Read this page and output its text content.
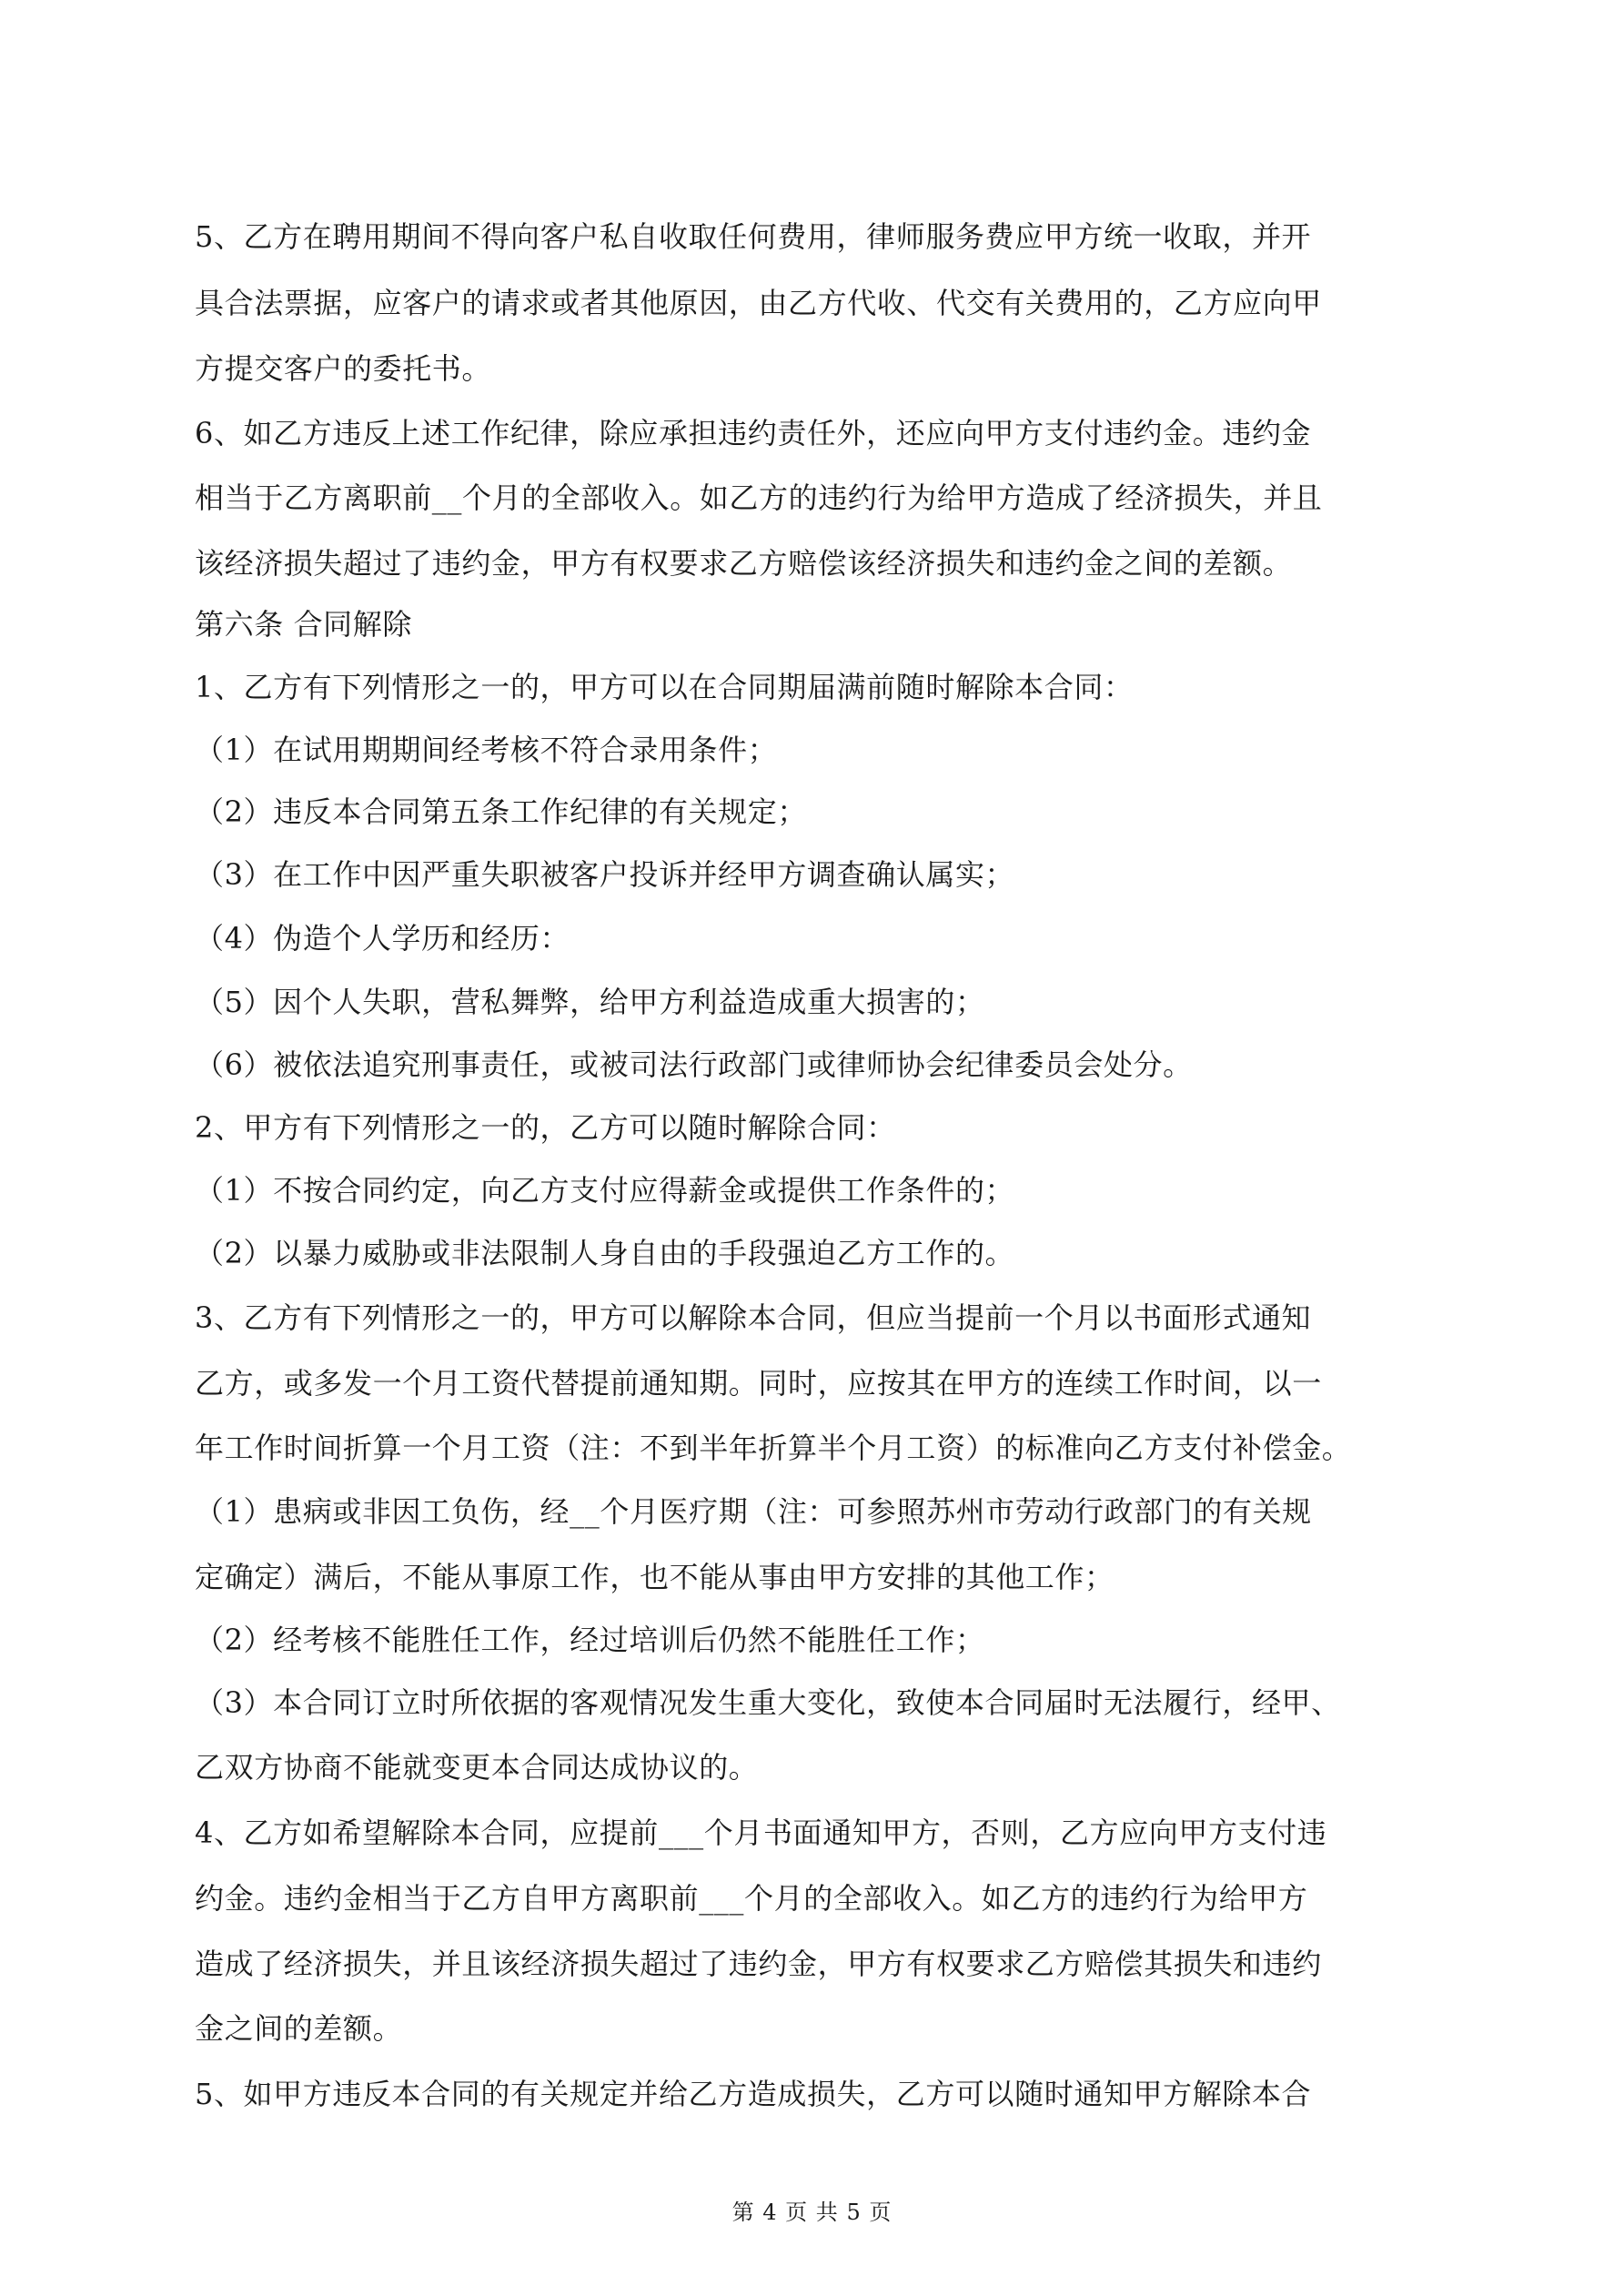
5、乙方在聘用期间不得向客户私自收取任何费用，律师服务费应甲方统一收取，并开
具合法票据，应客户的请求或者其他原因，由乙方代收、代交有关费用的，乙方应向甲
方提交客户的委托书。
6、如乙方违反上述工作纪律，除应承担违约责任外，还应向甲方支付违约金。违约金
相当于乙方离职前__个月的全部收入。如乙方的违约行为给甲方造成了经济损失，并且
该经济损失超过了违约金，甲方有权要求乙方赔偿该经济损失和违约金之间的差额。
第六条 合同解除
1、乙方有下列情形之一的，甲方可以在合同期届满前随时解除本合同：
（1）在试用期期间经考核不符合录用条件；
（2）违反本合同第五条工作纪律的有关规定；
（3）在工作中因严重失职被客户投诉并经甲方调查确认属实；
（4）伪造个人学历和经历：
（5）因个人失职，营私舞弊，给甲方利益造成重大损害的；
（6）被依法追究刑事责任，或被司法行政部门或律师协会纪律委员会处分。
2、甲方有下列情形之一的，乙方可以随时解除合同：
（1）不按合同约定，向乙方支付应得薪金或提供工作条件的；
（2）以暴力威胁或非法限制人身自由的手段强迫乙方工作的。
3、乙方有下列情形之一的，甲方可以解除本合同，但应当提前一个月以书面形式通知
乙方，或多发一个月工资代替提前通知期。同时，应按其在甲方的连续工作时间，以一
年工作时间折算一个月工资（注：不到半年折算半个月工资）的标准向乙方支付补偿金。
（1）患病或非因工负伤，经__个月医疗期（注：可参照苏州市劳动行政部门的有关规
定确定）满后，不能从事原工作，也不能从事由甲方安排的其他工作；
（2）经考核不能胜任工作，经过培训后仍然不能胜任工作；
（3）本合同订立时所依据的客观情况发生重大变化，致使本合同届时无法履行，经甲、
乙双方协商不能就变更本合同达成协议的。
4、乙方如希望解除本合同，应提前___个月书面通知甲方，否则，乙方应向甲方支付违
约金。违约金相当于乙方自甲方离职前___个月的全部收入。如乙方的违约行为给甲方
造成了经济损失，并且该经济损失超过了违约金，甲方有权要求乙方赔偿其损失和违约
金之间的差额。
5、如甲方违反本合同的有关规定并给乙方造成损失，乙方可以随时通知甲方解除本合
第 4 页 共 5 页
